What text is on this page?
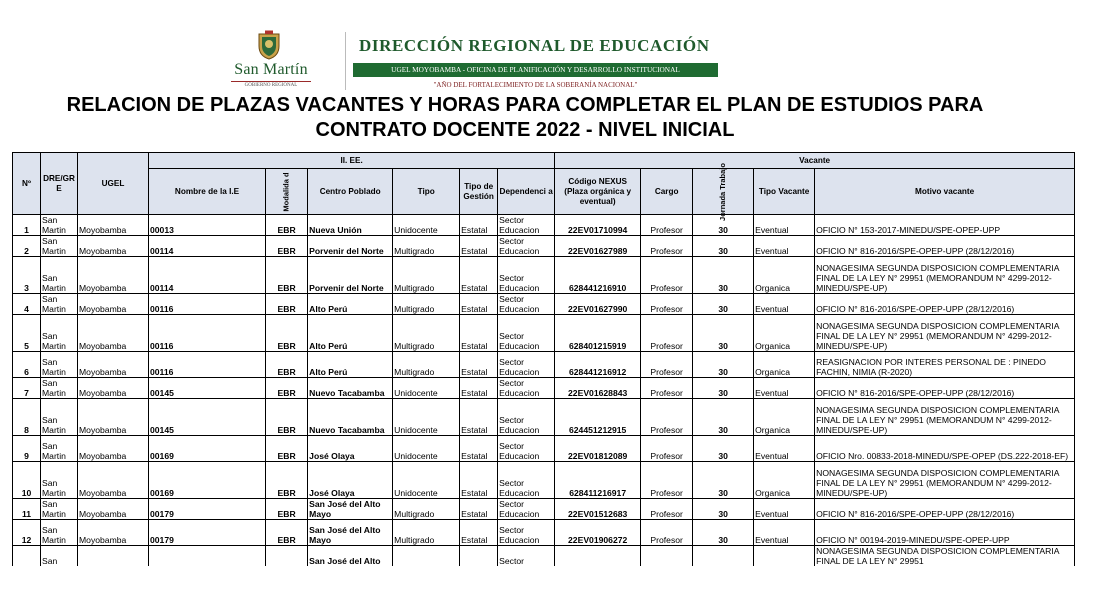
San Martín
GOBIERNO REGIONAL
DIRECCIÓN REGIONAL DE EDUCACIÓN
UGEL MOYOBAMBA - OFICINA DE PLANIFICACIÓN Y DESARROLLO INSTITUCIONAL
"AÑO DEL FORTALECIMIENTO DE LA SOBERANÍA NACIONAL"
RELACION DE PLAZAS VACANTES Y HORAS PARA COMPLETAR EL PLAN DE ESTUDIOS PARA
CONTRATO DOCENTE 2022 - NIVEL INICIAL
Nº	DRE/GR E	UGEL	II. EE.						Vacante				
			Nombre de la I.E	Modalida d	Centro Poblado	Tipo	Tipo de Gestión	Dependenci a	Código NEXUS (Plaza orgánica y eventual)	Cargo	Jornada Trabajo	Tipo Vacante	Motivo vacante
1	San Martin	Moyobamba	00013	EBR	Nueva Unión	Unidocente	Estatal	Sector Educacion	22EV01710994	Profesor	30	Eventual	OFICIO N° 153-2017-MINEDU/SPE-OPEP-UPP
2	San Martin	Moyobamba	00114	EBR	Porvenir del Norte	Multigrado	Estatal	Sector Educacion	22EV01627989	Profesor	30	Eventual	OFICIO N° 816-2016/SPE-OPEP-UPP (28/12/2016)
3	San Martin	Moyobamba	00114	EBR	Porvenir del Norte	Multigrado	Estatal	Sector Educacion	628441216910	Profesor	30	Organica	NONAGESIMA SEGUNDA DISPOSICION COMPLEMENTARIA FINAL DE LA LEY N° 29951 (MEMORANDUM N° 4299-2012-MINEDU/SPE-UP)
4	San Martin	Moyobamba	00116	EBR	Alto Perú	Multigrado	Estatal	Sector Educacion	22EV01627990	Profesor	30	Eventual	OFICIO N° 816-2016/SPE-OPEP-UPP (28/12/2016)
5	San Martin	Moyobamba	00116	EBR	Alto Perú	Multigrado	Estatal	Sector Educacion	628401215919	Profesor	30	Organica	NONAGESIMA SEGUNDA DISPOSICION COMPLEMENTARIA FINAL DE LA LEY N° 29951 (MEMORANDUM N° 4299-2012-MINEDU/SPE-UP)
6	San Martin	Moyobamba	00116	EBR	Alto Perú	Multigrado	Estatal	Sector Educacion	628441216912	Profesor	30	Organica	REASIGNACION POR INTERES PERSONAL DE : PINEDO FACHIN, NIMIA (R-2020)
7	San Martin	Moyobamba	00145	EBR	Nuevo Tacabamba	Unidocente	Estatal	Sector Educacion	22EV01628843	Profesor	30	Eventual	OFICIO N° 816-2016/SPE-OPEP-UPP (28/12/2016)
8	San Martin	Moyobamba	00145	EBR	Nuevo Tacabamba	Unidocente	Estatal	Sector Educacion	624451212915	Profesor	30	Organica	NONAGESIMA SEGUNDA DISPOSICION COMPLEMENTARIA FINAL DE LA LEY N° 29951 (MEMORANDUM N° 4299-2012-MINEDU/SPE-UP)
9	San Martin	Moyobamba	00169	EBR	José Olaya	Unidocente	Estatal	Sector Educacion	22EV01812089	Profesor	30	Eventual	OFICIO Nro. 00833-2018-MINEDU/SPE-OPEP (DS.222-2018-EF)
10	San Martin	Moyobamba	00169	EBR	José Olaya	Unidocente	Estatal	Sector Educacion	628411216917	Profesor	30	Organica	NONAGESIMA SEGUNDA DISPOSICION COMPLEMENTARIA FINAL DE LA LEY N° 29951 (MEMORANDUM N° 4299-2012-MINEDU/SPE-UP)
11	San Martin	Moyobamba	00179	EBR	San José del Alto Mayo	Multigrado	Estatal	Sector Educacion	22EV01512683	Profesor	30	Eventual	OFICIO N° 816-2016/SPE-OPEP-UPP (28/12/2016)
12	San Martin	Moyobamba	00179	EBR	San José del Alto Mayo	Multigrado	Estatal	Sector Educacion	22EV01906272	Profesor	30	Eventual	OFICIO N° 00194-2019-MINEDU/SPE-OPEP-UPP
	San				San José del Alto			Sector					NONAGESIMA SEGUNDA DISPOSICION COMPLEMENTARIA FINAL DE LA LEY N° 29951
